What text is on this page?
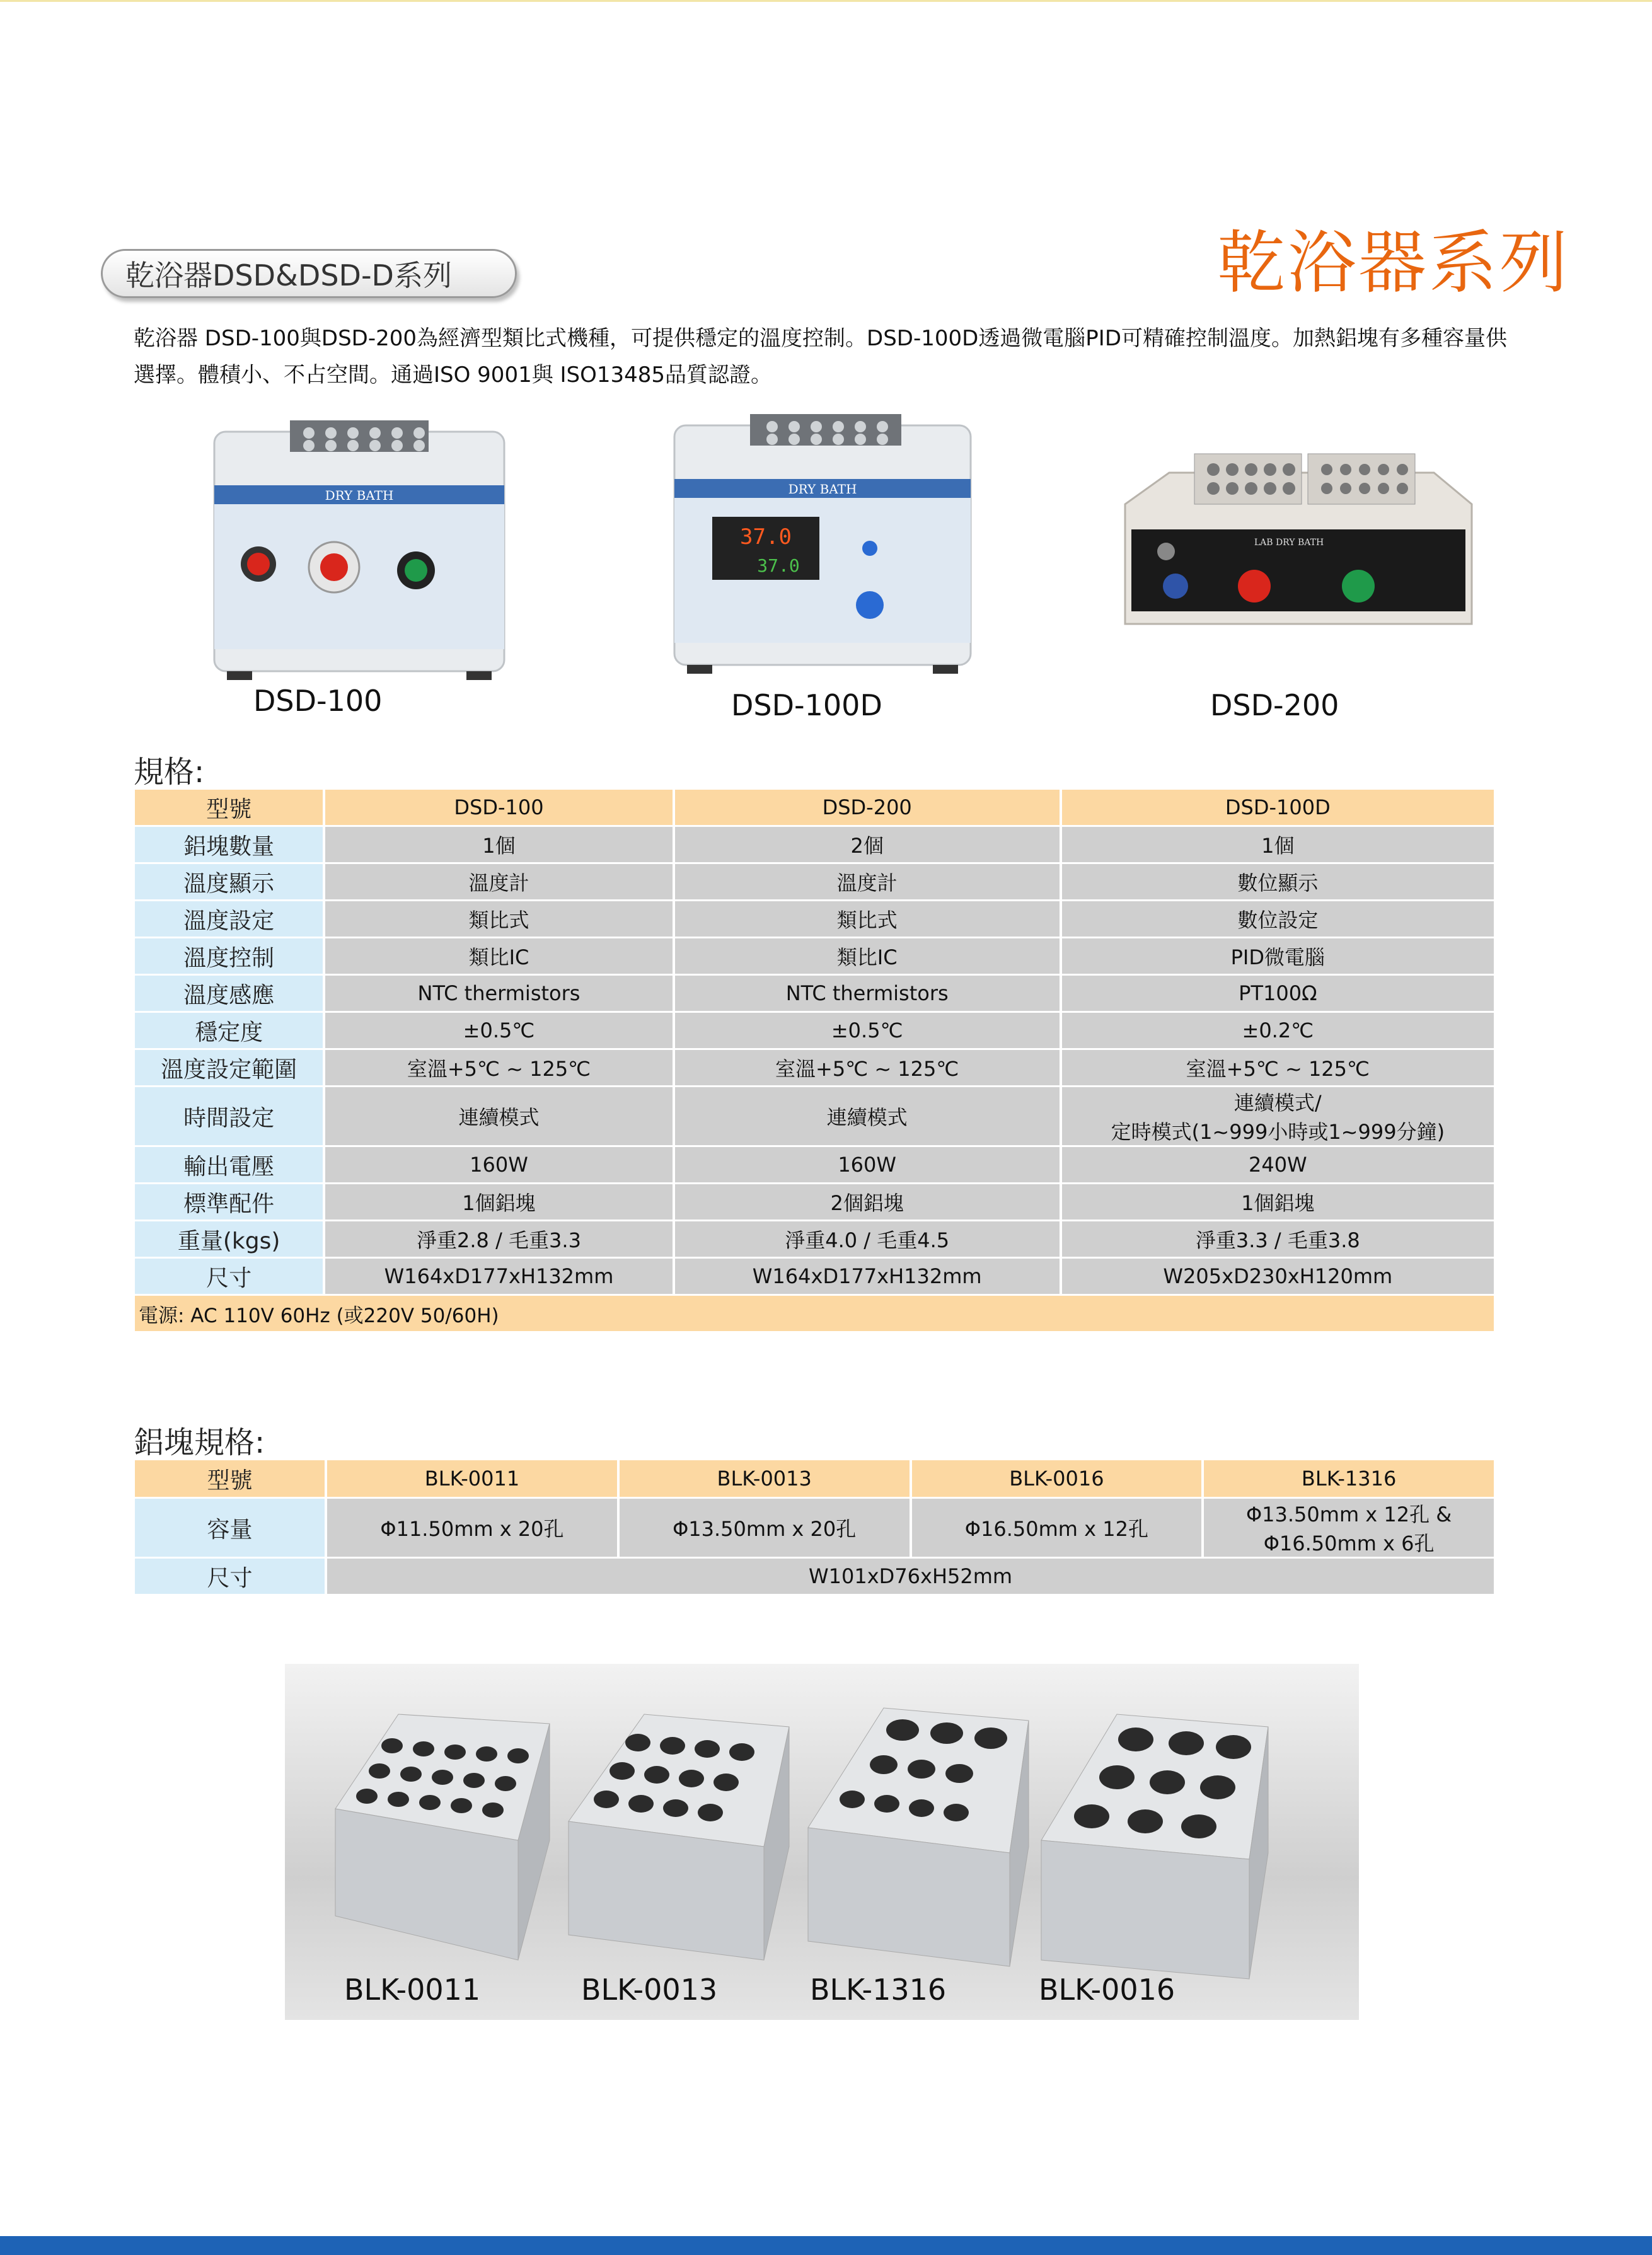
乾浴器系列
乾浴器DSD&DSD-D系列
乾浴器 DSD-100與DSD-200為經濟型類比式機種，可提供穩定的溫度控制。DSD-100D透過微電腦PID可精確控制溫度。加熱鋁塊有多種容量供
選擇。體積小、不占空間。通過ISO 9001與 ISO13485品質認證。
DRY BATH
DSD-100
DRY BATH
37.0
37.0
DSD-100D
LAB DRY BATH
DSD-200
規格:
型號	DSD-100	DSD-200	DSD-100D
鋁塊數量	1個	2個	1個
溫度顯示	溫度計	溫度計	數位顯示
溫度設定	類比式	類比式	數位設定
溫度控制	類比IC	類比IC	PID微電腦
溫度感應	NTC thermistors	NTC thermistors	PT100Ω
穩定度	±0.5℃	±0.5℃	±0.2℃
溫度設定範圍	室溫+5℃ ~ 125℃	室溫+5℃ ~ 125℃	室溫+5℃ ~ 125℃
時間設定	連續模式	連續模式	連續模式/
定時模式(1~999小時或1~999分鐘)

輸出電壓	160W	160W	240W
標準配件	1個鋁塊	2個鋁塊	1個鋁塊
重量(kgs)	淨重2.8 / 毛重3.3	淨重4.0 / 毛重4.5	淨重3.3 / 毛重3.8
尺寸	W164xD177xH132mm	W164xD177xH132mm	W205xD230xH120mm
電源: AC 110V 60Hz (或220V 50/60H)			
鋁塊規格:
型號	BLK-0011	BLK-0013	BLK-0016	BLK-1316
容量	Φ11.50mm x 20孔	Φ13.50mm x 20孔	Φ16.50mm x 12孔	Φ13.50mm x 12孔 &
Φ16.50mm x 6孔

尺寸	W101xD76xH52mm			
BLK-0011	BLK-0013	BLK-1316	BLK-0016
